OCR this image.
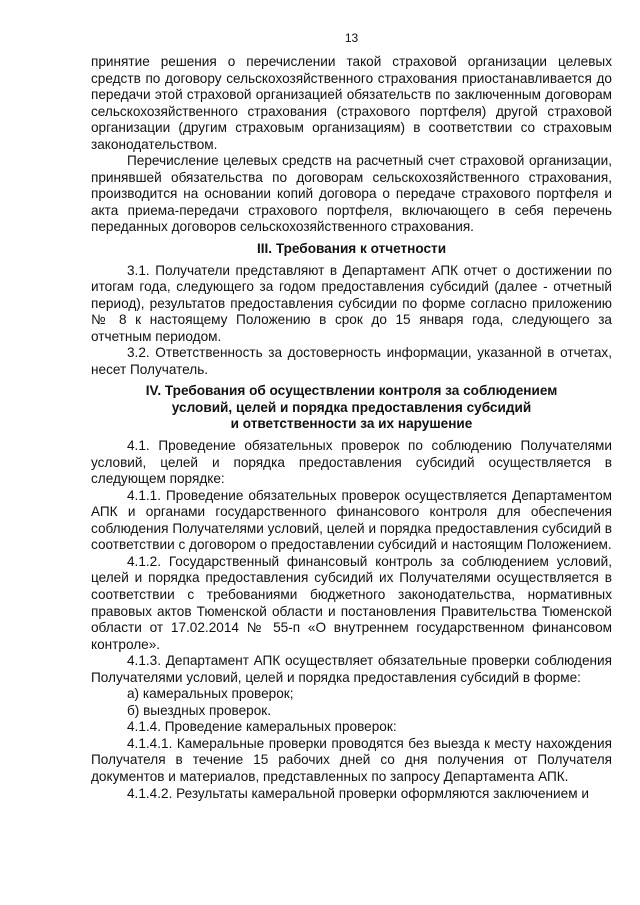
13

принятие решения о перечислении такой страховой организации целевых средств по договору сельскохозяйственного страхования приостанавливается до передачи этой страховой организацией обязательств по заключенным договорам сельскохозяйственного страхования (страхового портфеля) другой страховой организации (другим страховым организациям) в соответствии со страховым законодательством.

Перечисление целевых средств на расчетный счет страховой организации, принявшей обязательства по договорам сельскохозяйственного страхования, производится на основании копий договора о передаче страхового портфеля и акта приема-передачи страхового портфеля, включающего в себя перечень переданных договоров сельскохозяйственного страхования.

III. Требования к отчетности

3.1. Получатели представляют в Департамент АПК отчет о достижении по итогам года, следующего за годом предоставления субсидий (далее - отчетный период), результатов предоставления субсидии по форме согласно приложению № 8 к настоящему Положению в срок до 15 января года, следующего за отчетным периодом.

3.2. Ответственность за достоверность информации, указанной в отчетах, несет Получатель.

IV. Требования об осуществлении контроля за соблюдением
условий, целей и порядка предоставления субсидий
и ответственности за их нарушение

4.1. Проведение обязательных проверок по соблюдению Получателями условий, целей и порядка предоставления субсидий осуществляется в следующем порядке:

4.1.1. Проведение обязательных проверок осуществляется Департаментом АПК и органами государственного финансового контроля для обеспечения соблюдения Получателями условий, целей и порядка предоставления субсидий в соответствии с договором о предоставлении субсидий и настоящим Положением.

4.1.2. Государственный финансовый контроль за соблюдением условий, целей и порядка предоставления субсидий их Получателями осуществляется в соответствии с требованиями бюджетного законодательства, нормативных правовых актов Тюменской области и постановления Правительства Тюменской области от 17.02.2014 № 55-п «О внутреннем государственном финансовом контроле».

4.1.3. Департамент АПК осуществляет обязательные проверки соблюдения Получателями условий, целей и порядка предоставления субсидий в форме:

а) камеральных проверок;

б) выездных проверок.

4.1.4. Проведение камеральных проверок:

4.1.4.1. Камеральные проверки проводятся без выезда к месту нахождения Получателя в течение 15 рабочих дней со дня получения от Получателя документов и материалов, представленных по запросу Департамента АПК.

4.1.4.2. Результаты камеральной проверки оформляются заключением и
